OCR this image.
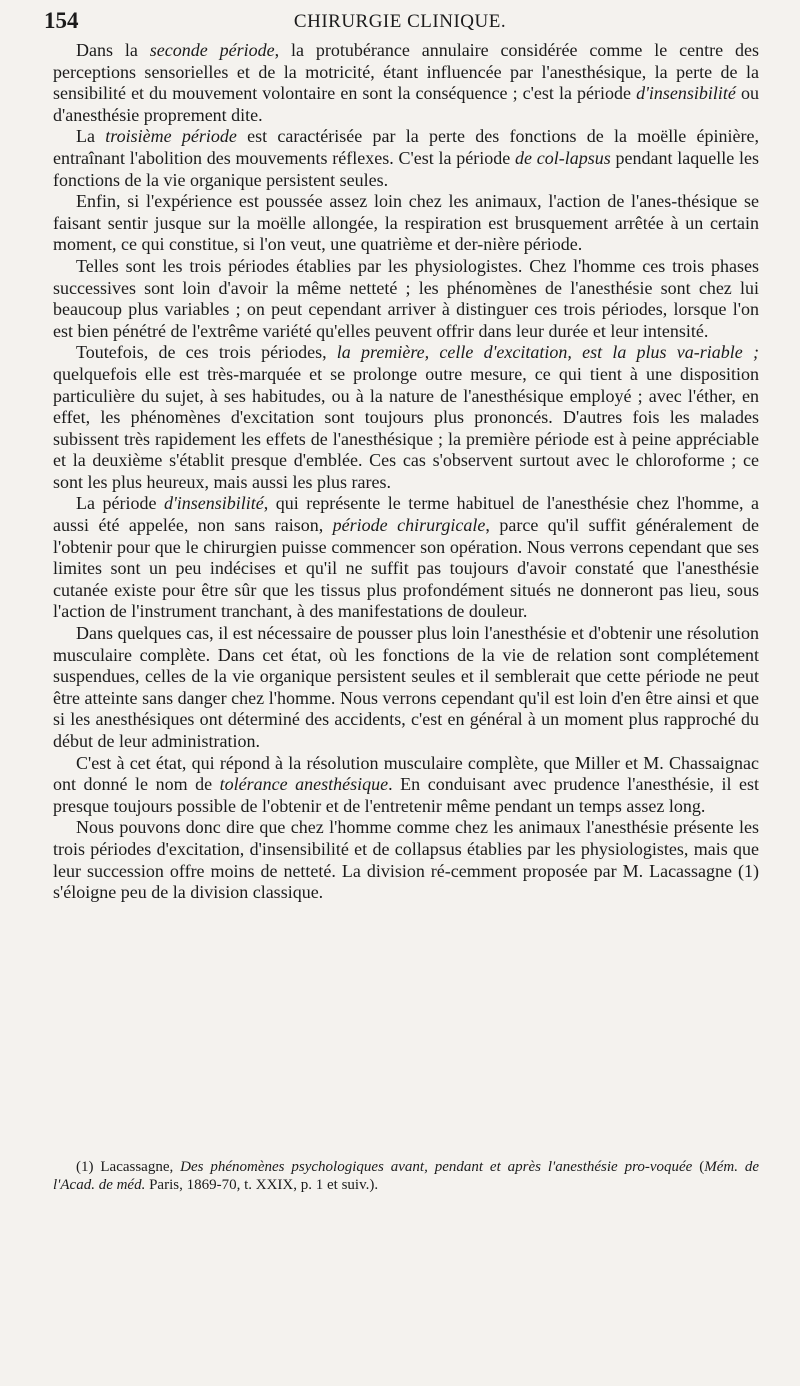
154	CHIRURGIE CLINIQUE.

Dans la seconde période, la protubérance annulaire considérée comme le centre des perceptions sensorielles et de la motricité, étant influencée par l'anesthésique, la perte de la sensibilité et du mouvement volontaire en sont la conséquence ; c'est la période d'insensibilité ou d'anesthésie proprement dite.

La troisième période est caractérisée par la perte des fonctions de la moëlle épinière, entraînant l'abolition des mouvements réflexes. C'est la période de col-lapsus pendant laquelle les fonctions de la vie organique persistent seules.

Enfin, si l'expérience est poussée assez loin chez les animaux, l'action de l'anes-thésique se faisant sentir jusque sur la moëlle allongée, la respiration est brusquement arrêtée à un certain moment, ce qui constitue, si l'on veut, une quatrième et der-nière période.

Telles sont les trois périodes établies par les physiologistes. Chez l'homme ces trois phases successives sont loin d'avoir la même netteté ; les phénomènes de l'anesthésie sont chez lui beaucoup plus variables ; on peut cependant arriver à distinguer ces trois périodes, lorsque l'on est bien pénétré de l'extrême variété qu'elles peuvent offrir dans leur durée et leur intensité.

Toutefois, de ces trois périodes, la première, celle d'excitation, est la plus va-riable ; quelquefois elle est très-marquée et se prolonge outre mesure, ce qui tient à une disposition particulière du sujet, à ses habitudes, ou à la nature de l'anesthésique employé ; avec l'éther, en effet, les phénomènes d'excitation sont toujours plus prononcés. D'autres fois les malades subissent très rapidement les effets de l'anesthésique ; la première période est à peine appréciable et la deuxième s'établit presque d'emblée. Ces cas s'observent surtout avec le chloroforme ; ce sont les plus heureux, mais aussi les plus rares.

La période d'insensibilité, qui représente le terme habituel de l'anesthésie chez l'homme, a aussi été appelée, non sans raison, période chirurgicale, parce qu'il suffit généralement de l'obtenir pour que le chirurgien puisse commencer son opération. Nous verrons cependant que ses limites sont un peu indécises et qu'il ne suffit pas toujours d'avoir constaté que l'anesthésie cutanée existe pour être sûr que les tissus plus profondément situés ne donneront pas lieu, sous l'action de l'instrument tranchant, à des manifestations de douleur.

Dans quelques cas, il est nécessaire de pousser plus loin l'anesthésie et d'obtenir une résolution musculaire complète. Dans cet état, où les fonctions de la vie de relation sont complétement suspendues, celles de la vie organique persistent seules et il semblerait que cette période ne peut être atteinte sans danger chez l'homme. Nous verrons cependant qu'il est loin d'en être ainsi et que si les anesthésiques ont déterminé des accidents, c'est en général à un moment plus rapproché du début de leur administration.

C'est à cet état, qui répond à la résolution musculaire complète, que Miller et M. Chassaignac ont donné le nom de tolérance anesthésique. En conduisant avec prudence l'anesthésie, il est presque toujours possible de l'obtenir et de l'entretenir même pendant un temps assez long.

Nous pouvons donc dire que chez l'homme comme chez les animaux l'anesthésie présente les trois périodes d'excitation, d'insensibilité et de collapsus établies par les physiologistes, mais que leur succession offre moins de netteté. La division ré-cemment proposée par M. Lacassagne (1) s'éloigne peu de la division classique.

(1) Lacassagne, Des phénomènes psychologiques avant, pendant et après l'anesthésie pro-voquée (Mém. de l'Acad. de méd. Paris, 1869-70, t. XXIX, p. 1 et suiv.).
